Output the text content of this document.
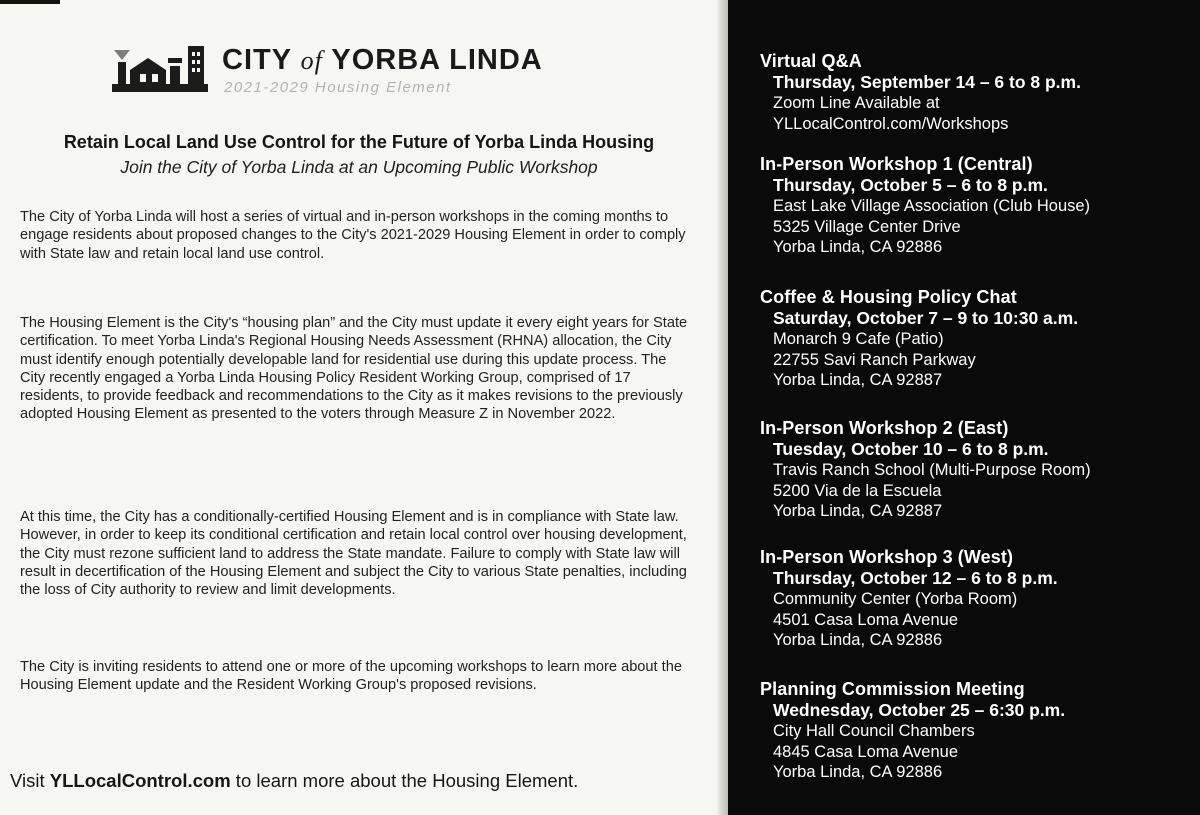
CITY of YORBA LINDA
2021-2029 Housing Element
Retain Local Land Use Control for the Future of Yorba Linda Housing
Join the City of Yorba Linda at an Upcoming Public Workshop

The City of Yorba Linda will host a series of virtual and in-person workshops in the coming months to engage residents about proposed changes to the City's 2021-2029 Housing Element in order to comply with State law and retain local land use control.

The Housing Element is the City's “housing plan” and the City must update it every eight years for State certification. To meet Yorba Linda's Regional Housing Needs Assessment (RHNA) allocation, the City must identify enough potentially developable land for residential use during this update process. The City recently engaged a Yorba Linda Housing Policy Resident Working Group, comprised of 17 residents, to provide feedback and recommendations to the City as it makes revisions to the previously adopted Housing Element as presented to the voters through Measure Z in November 2022.

At this time, the City has a conditionally-certified Housing Element and is in compliance with State law. However, in order to keep its conditional certification and retain local control over housing development, the City must rezone sufficient land to address the State mandate. Failure to comply with State law will result in decertification of the Housing Element and subject the City to various State penalties, including the loss of City authority to review and limit developments.

The City is inviting residents to attend one or more of the upcoming workshops to learn more about the Housing Element update and the Resident Working Group's proposed revisions.

Visit YLLocalControl.com to learn more about the Housing Element.
Virtual Q&A
Thursday, September 14 – 6 to 8 p.m.
Zoom Line Available at
YLLocalControl.com/Workshops
In-Person Workshop 1 (Central)
Thursday, October 5 – 6 to 8 p.m.
East Lake Village Association (Club House)
5325 Village Center Drive
Yorba Linda, CA 92886
Coffee & Housing Policy Chat
Saturday, October 7 – 9 to 10:30 a.m.
Monarch 9 Cafe (Patio)
22755 Savi Ranch Parkway
Yorba Linda, CA 92887
In-Person Workshop 2 (East)
Tuesday, October 10 – 6 to 8 p.m.
Travis Ranch School (Multi-Purpose Room)
5200 Via de la Escuela
Yorba Linda, CA 92887
In-Person Workshop 3 (West)
Thursday, October 12 – 6 to 8 p.m.
Community Center (Yorba Room)
4501 Casa Loma Avenue
Yorba Linda, CA 92886
Planning Commission Meeting
Wednesday, October 25 – 6:30 p.m.
City Hall Council Chambers
4845 Casa Loma Avenue
Yorba Linda, CA 92886
